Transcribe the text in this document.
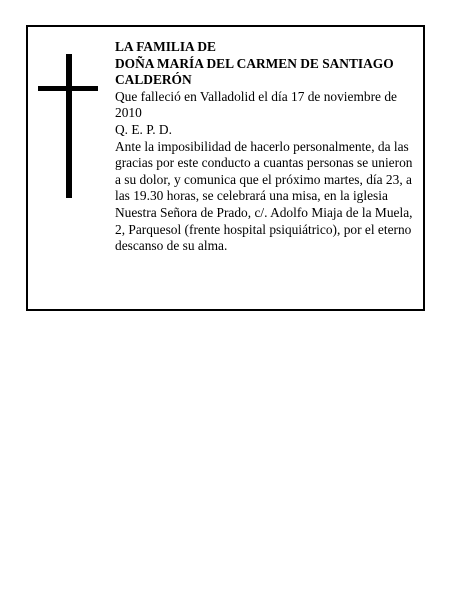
LA FAMILIA DE
DOÑA MARÍA DEL CARMEN DE SANTIAGO CALDERÓN
Que falleció en Valladolid el día 17 de noviembre de 2010
Q. E. P. D.
Ante la imposibilidad de hacerlo personalmente, da las gracias por este conducto a cuantas personas se unieron a su dolor, y comunica que el próximo martes, día 23, a las 19.30 horas, se celebrará una misa, en la iglesia Nuestra Señora de Prado, c/. Adolfo Miaja de la Muela, 2, Parquesol (frente hospital psiquiátrico), por el eterno descanso de su alma.
